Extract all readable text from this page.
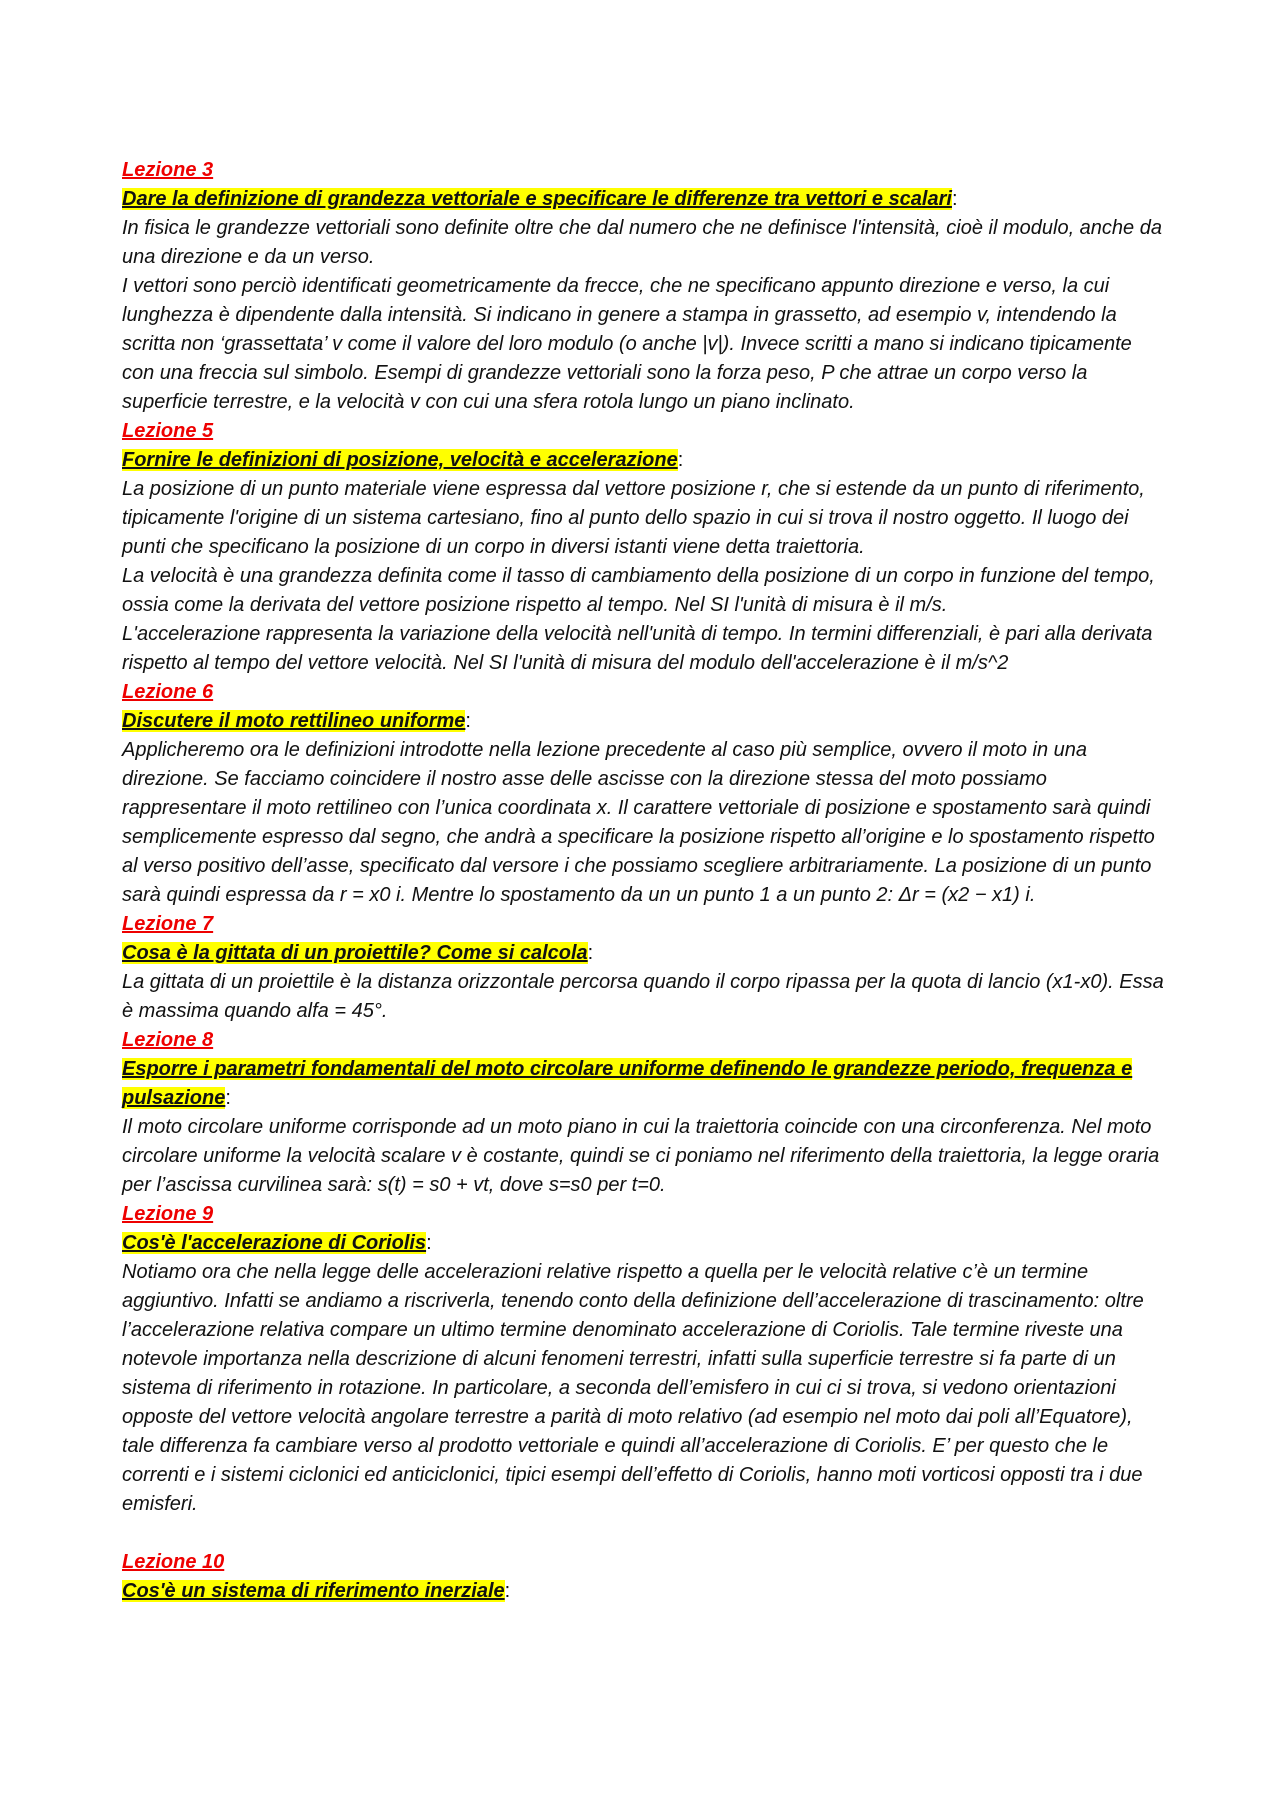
Lezione 3

Dare la definizione di grandezza vettoriale e specificare le differenze tra vettori e scalari:

In fisica le grandezze vettoriali sono definite oltre che dal numero che ne definisce l'intensità, cioè il modulo, anche da una direzione e da un verso.

I vettori sono perciò identificati geometricamente da frecce, che ne specificano appunto direzione e verso, la cui lunghezza è dipendente dalla intensità. Si indicano in genere a stampa in grassetto, ad esempio v, intendendo la scritta non ‘grassettata’ v come il valore del loro modulo (o anche |v|). Invece scritti a mano si indicano tipicamente con una freccia sul simbolo. Esempi di grandezze vettoriali sono la forza peso, P che attrae un corpo verso la superficie terrestre, e la velocità v con cui una sfera rotola lungo un piano inclinato.

Lezione 5

Fornire le definizioni di posizione, velocità e accelerazione:

La posizione di un punto materiale viene espressa dal vettore posizione r, che si estende da un punto di riferimento, tipicamente l'origine di un sistema cartesiano, fino al punto dello spazio in cui si trova il nostro oggetto. Il luogo dei punti che specificano la posizione di un corpo in diversi istanti viene detta traiettoria.

La velocità è una grandezza definita come il tasso di cambiamento della posizione di un corpo in funzione del tempo, ossia come la derivata del vettore posizione rispetto al tempo. Nel SI l'unità di misura è il m/s.

L'accelerazione rappresenta la variazione della velocità nell'unità di tempo. In termini differenziali, è pari alla derivata rispetto al tempo del vettore velocità. Nel SI l'unità di misura del modulo dell'accelerazione è il m/s^2

Lezione 6

Discutere il moto rettilineo uniforme:

Applicheremo ora le definizioni introdotte nella lezione precedente al caso più semplice, ovvero il moto in una direzione. Se facciamo coincidere il nostro asse delle ascisse con la direzione stessa del moto possiamo rappresentare il moto rettilineo con l’unica coordinata x. Il carattere vettoriale di posizione e spostamento sarà quindi semplicemente espresso dal segno, che andrà a specificare la posizione rispetto all’origine e lo spostamento rispetto al verso positivo dell’asse, specificato dal versore i che possiamo scegliere arbitrariamente. La posizione di un punto sarà quindi espressa da r = x0 i. Mentre lo spostamento da un un punto 1 a un punto 2: Δr = (x2 − x1) i.

Lezione 7

Cosa è la gittata di un proiettile? Come si calcola:

La gittata di un proiettile è la distanza orizzontale percorsa quando il corpo ripassa per la quota di lancio (x1-x0). Essa è massima quando alfa = 45°.

Lezione 8

Esporre i parametri fondamentali del moto circolare uniforme definendo le grandezze periodo, frequenza e pulsazione:

Il moto circolare uniforme corrisponde ad un moto piano in cui la traiettoria coincide con una circonferenza. Nel moto circolare uniforme la velocità scalare v è costante, quindi se ci poniamo nel riferimento della traiettoria, la legge oraria per l’ascissa curvilinea sarà: s(t) = s0 + vt, dove s=s0 per t=0.

Lezione 9

Cos'è l'accelerazione di Coriolis:

Notiamo ora che nella legge delle accelerazioni relative rispetto a quella per le velocità relative c’è un termine aggiuntivo. Infatti se andiamo a riscriverla, tenendo conto della definizione dell’accelerazione di trascinamento: oltre l’accelerazione relativa compare un ultimo termine denominato accelerazione di Coriolis. Tale termine riveste una notevole importanza nella descrizione di alcuni fenomeni terrestri, infatti sulla superficie terrestre si fa parte di un sistema di riferimento in rotazione. In particolare, a seconda dell’emisfero in cui ci si trova, si vedono orientazioni opposte del vettore velocità angolare terrestre a parità di moto relativo (ad esempio nel moto dai poli all’Equatore), tale differenza fa cambiare verso al prodotto vettoriale e quindi all’accelerazione di Coriolis. E’ per questo che le correnti e i sistemi ciclonici ed anticiclonici, tipici esempi dell’effetto di Coriolis, hanno moti vorticosi opposti tra i due emisferi.

Lezione 10

Cos'è un sistema di riferimento inerziale:
